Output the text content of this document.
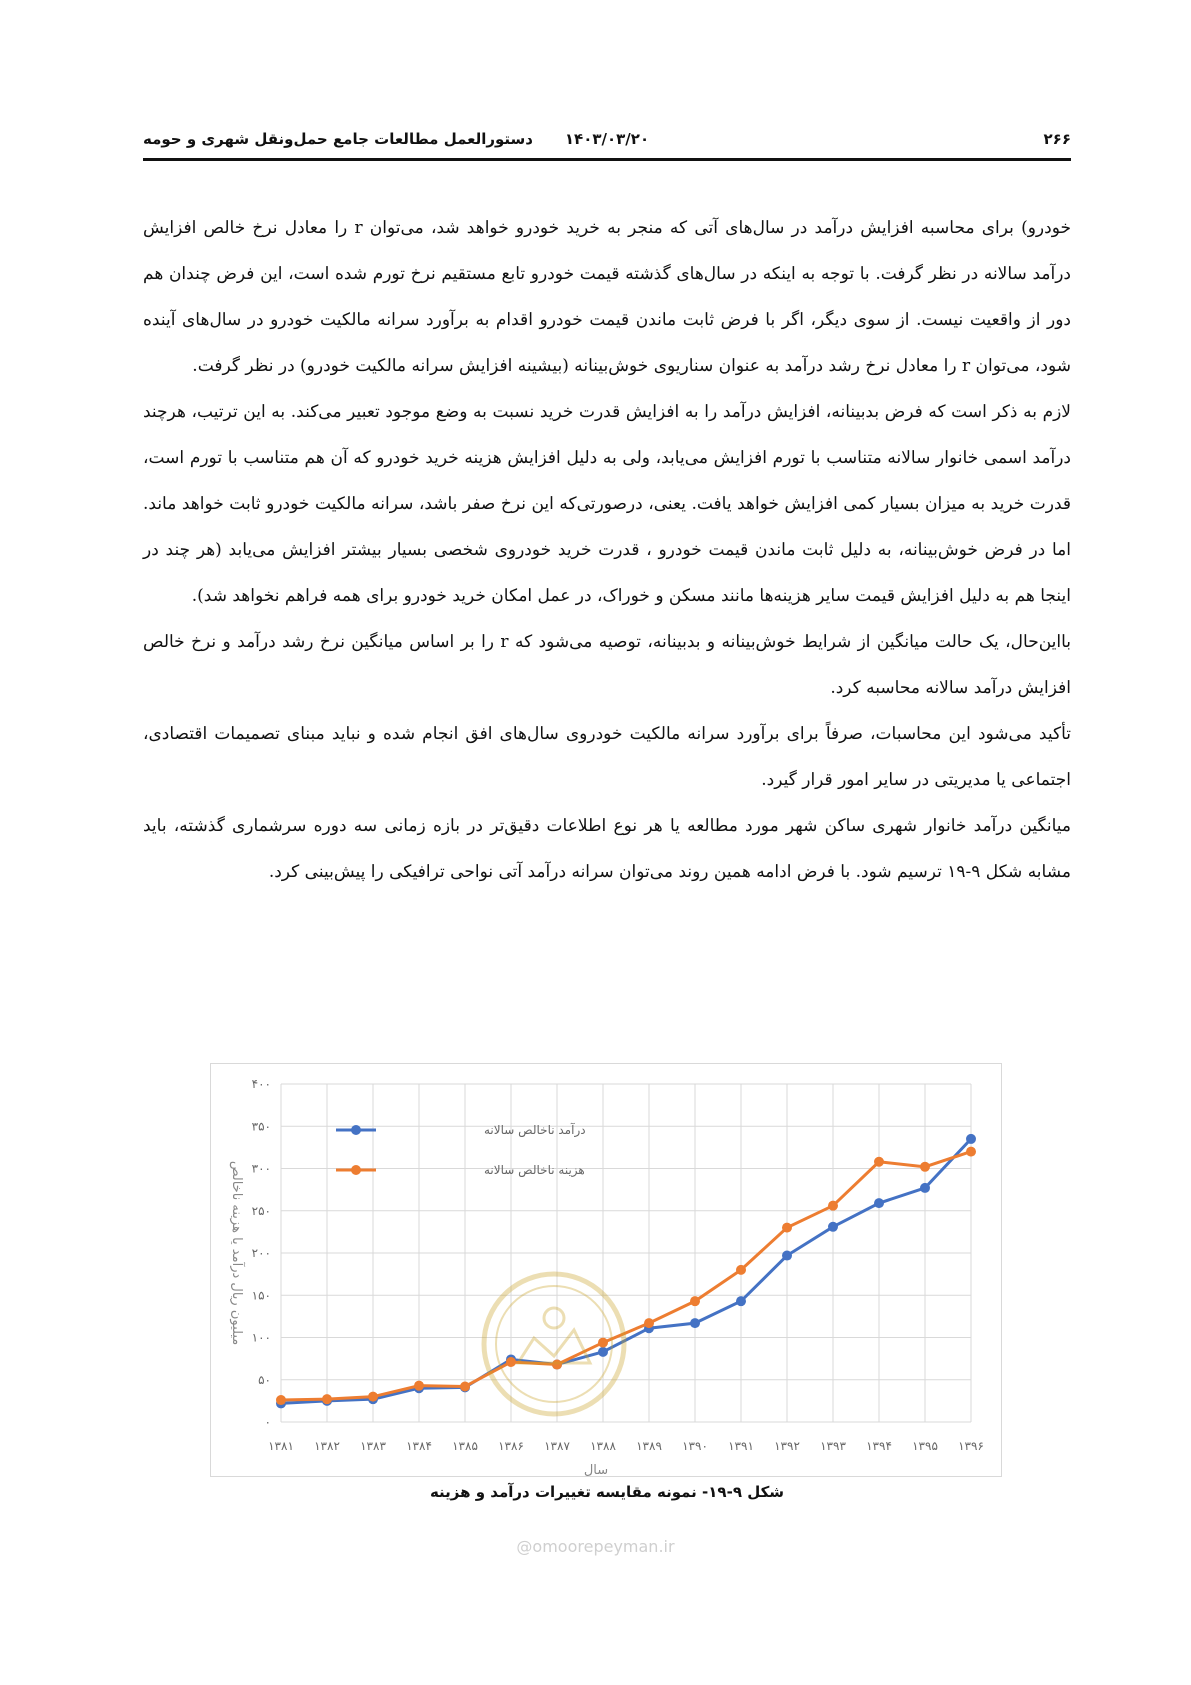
۲۶۶
۱۴۰۳/۰۳/۲۰
دستورالعمل مطالعات جامع حمل‌ونقل شهری و حومه

خودرو) برای محاسبه افزایش درآمد در سال‌های آتی که منجر به خرید خودرو خواهد شد، می‌توان r را معادل نرخ خالص افزایش درآمد سالانه در نظر گرفت. با توجه به اینکه در سال‌های گذشته قیمت خودرو تابع مستقیم نرخ تورم شده است، این فرض چندان هم دور از واقعیت نیست. از سوی دیگر، اگر با فرض ثابت ماندن قیمت خودرو اقدام به برآورد سرانه مالکیت خودرو در سال‌های آینده شود، می‌توان r را معادل نرخ رشد درآمد به عنوان سناریوی خوش‌بینانه (بیشینه افزایش سرانه مالکیت خودرو) در نظر گرفت.

لازم به ذکر است که فرض بدبینانه، افزایش درآمد را به افزایش قدرت خرید نسبت به وضع موجود تعبیر می‌کند. به این ترتیب، هرچند درآمد اسمی خانوار سالانه متناسب با تورم افزایش می‌یابد، ولی به دلیل افزایش هزینه خرید خودرو که آن هم متناسب با تورم است، قدرت خرید به میزان بسیار کمی افزایش خواهد یافت. یعنی، درصورتی‌که این نرخ صفر باشد، سرانه مالکیت خودرو ثابت خواهد ماند. اما در فرض خوش‌بینانه، به دلیل ثابت ماندن قیمت خودرو ، قدرت خرید خودروی شخصی بسیار بیشتر افزایش می‌یابد (هر چند در اینجا هم به دلیل افزایش قیمت سایر هزینه‌ها مانند مسکن و خوراک، در عمل امکان خرید خودرو برای همه فراهم نخواهد شد).

بااین‌حال، یک حالت میانگین از شرایط خوش‌بینانه و بدبینانه، توصیه می‌شود که r را بر اساس میانگین نرخ رشد درآمد و نرخ خالص افزایش درآمد سالانه محاسبه کرد.

تأکید می‌شود این محاسبات، صرفاً برای برآورد سرانه مالکیت خودروی سال‌های افق انجام شده و نباید مبنای تصمیمات اقتصادی، اجتماعی یا مدیریتی در سایر امور قرار گیرد.

میانگین درآمد خانوار شهری ساکن شهر مورد مطالعه یا هر نوع اطلاعات دقیق‌تر در بازه زمانی سه دوره سرشماری گذشته، باید مشابه شکل ۹-۱۹ ترسیم شود. با فرض ادامه همین روند می‌توان سرانه درآمد آتی نواحی ترافیکی را پیش‌بینی کرد.

۰
۵۰
۱۰۰
۱۵۰
۲۰۰
۲۵۰
۳۰۰
۳۵۰
۴۰۰
۱۳۸۱ ۱۳۸۲ ۱۳۸۳ ۱۳۸۴ ۱۳۸۵ ۱۳۸۶ ۱۳۸۷ ۱۳۸۸ ۱۳۸۹ ۱۳۹۰ ۱۳۹۱ ۱۳۹۲ ۱۳۹۳ ۱۳۹۴ ۱۳۹۵ ۱۳۹۶
میلیون ریال درآمد یا هزینه ناخالص
سال
درآمد ناخالص سالانه
هزینه ناخالص سالانه
شکل ۹-۱۹- نمونه مقایسه تغییرات درآمد و هزینه
@omoorepeyman.ir
